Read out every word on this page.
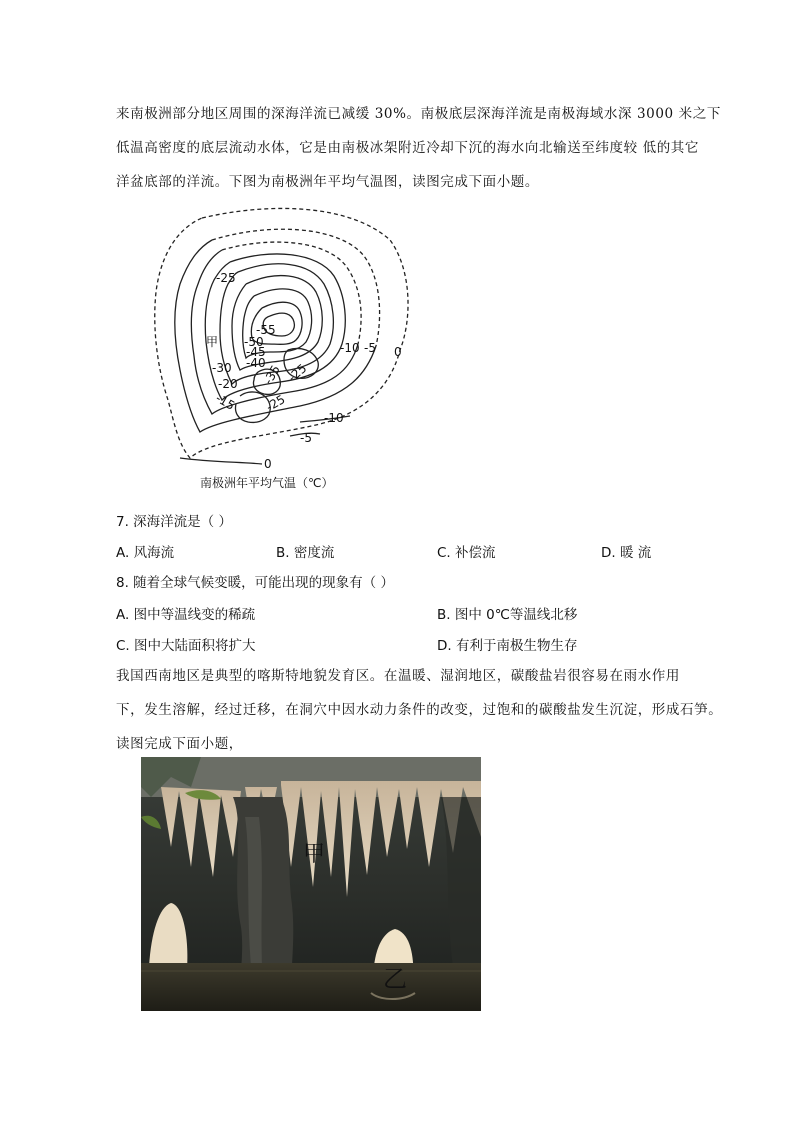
来南极洲部分地区周围的深海洋流已减缓 30%。南极底层深海洋流是南极海域水深 3000 米之下

低温高密度的底层流动水体，它是由南极冰架附近冷却下沉的海水向北输送至纬度较 低的其它

洋盆底部的洋流。下图为南极洲年平均气温图，读图完成下面小题。

甲
-55
-50
-45
-40
-35
-30
-25
-25
-25
-20
-15
-10
-10
-5
-5
0
0
南极洲年平均气温（℃）
7. 深海洋流是（ ）
A. 风海流	B. 密度流	C. 补偿流	D. 暖 流
8. 随着全球气候变暖，可能出现的现象有（ ）
A. 图中等温线变的稀疏	B. 图中 0℃等温线北移
C. 图中大陆面积将扩大	D. 有利于南极生物生存

我国西南地区是典型的喀斯特地貌发育区。在温暖、湿润地区，碳酸盐岩很容易在雨水作用

下，发生溶解，经过迁移，在洞穴中因水动力条件的改变，过饱和的碳酸盐发生沉淀，形成石笋。

读图完成下面小题，

甲
乙
